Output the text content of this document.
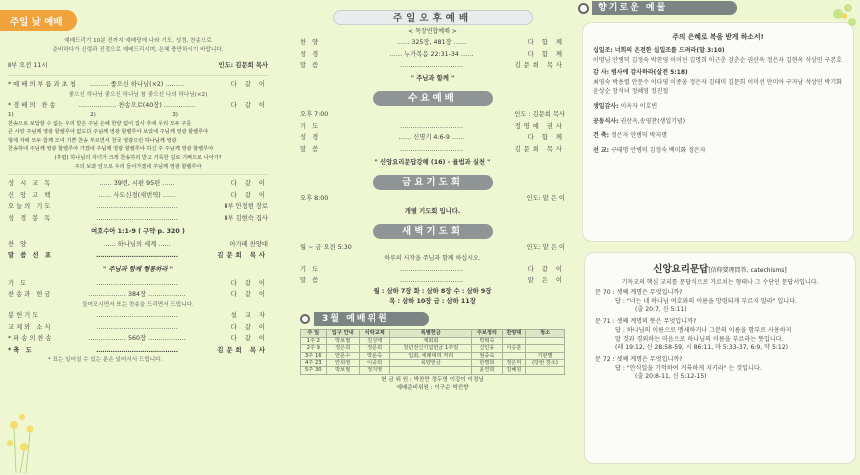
주일 낮 예배
예배드리기 10분 전까지 예배당에 나와 기도, 성경, 찬송으로
준비하다가 신령과 진정으로 예배드리시며, 은혜 충만하시기 바랍니다.
Ⅱ부 오전 11시	인도: 김문희 목사
*예배의부름과초청	……… 좋으신 하나님(×2) ………	다 같 이
좋으신 하나님 좋으신 하나님 참 좋으신 나의 하나님(×2)
*경배의 찬송	……………… 찬송으로(40장) ……………	다 같 이
1)	2)	3)
찬송으로 보답할 수 없는 우리 받은 주님 은혜 한량 없어 집사 후에 우리 모두 주를
큰 사랑 주님께 영광 할렐루야 없도다 주님께 영광 할렐루야 보았네 주님께 영광 할렐루야
형제 자매 모두 함께 모여 기쁜 찬송 부르면서 천국 영광으런 하나님께 영광
찬송하네 주님께 영광 할렐루야 가겠네 주님께 영광 할렐루야 하신 주 주님께 영광 할렐루야
(후렴) 하나님의 자녀가 크게 찬송하리 받고 거룩한 길로 기뻐으로 나아가?
주의 보좌 앞으로 우리 들어가겠네 주님께 영광 할렐루야
성 시 교 독	…… 39번, 시편 95편 ……	다 같 이
신 앙 고 백	…… 사도신경(새번역) ……	다 같 이
오늘의 기도	…………………………………	Ⅱ부 안정현 장로
성 경 봉 독	…………………………………	Ⅱ부 김현숙 집사
여호수아 1:1-9 ( 구약 p. 320 )
찬 양	…… 하나님의 세계 ……	아가페 찬양대
말 씀 선 포	…………………………………	김문희 목사
" 주님과 함께 형통하라 "
기 도	…………………………………	다 같 이
찬송과 헌금	……………… 384장 ………………	다 같 이
들어오시면서 또는 찬송을 드리면서 드립니다.
봉헌기도	…………………………………	설 교 자
교제와 소식	…………………………………	다 같 이
*파송의찬송	……………… 560장 ………………	다 같 이
*축 도	…………………………………	김문희 목사
* 표는 일어설 수 있는 분은 일어서서 드립니다.
주일오후예배
< 목장연합예배 >
찬 양	…… 325장, 481장 ……	다 함 께
성 경	…… 누가복음 22:31-34 ……	다 함 께
말 씀	…………………………	김문희 목사
" 주님과 함께 "
수요예배
오후 7:00	인도 : 김문희 목사
기 도	…………………………	정영애 권사
성 경	…… 신명기 4:6-9 ……	다 함 께
말 씀	…………………………	김문희 목사
" 신앙요리문답강해 (16) - 율법과 실천 "
금요기도회
오후 8:00	인도: 맡 은 이
개별 기도회 입니다.
새벽기도회
월 ~ 금 오전 5:30	인도: 맡 은 이
하루의 시작을 주님과 함께 하십시오.
기 도	…………………………	다 같 이
말 씀	…………………………	맡 은 이
월 : 삼하 7장 화 : 삼하 8장 수 : 삼하 9장
목 : 삼하 10장 금 : 삼하 11장
3월 예배위원
주 일	입구 안내	식탁교제	특별헌금	주보정리	찬양대	청소
1주 2	박보필	김성태	계회회	박혁숙		
2주 9	정은희	정문희	청년전신기념헌금 1주일	신인웅	이승훈	
3주 16	안문수	박운숙	입회, 세례대리 처리	엄중숙		기관별
4주 23	안희영	이중희	목양헌금	한명희	정은미	(당번 장소)
5주 30	박보필	정지영		윤연희	김혜원	
헌 금 위 원 : 박찬만 정두명 이강이 이정님
예배준비위원 : 이구순 박진향
향기로운 예물
주의 은혜로 복을 받게 하소서!
십일조: 너희의 온전한 십일조를 드려라(말 3:10)
이명님 안병덕 김정숙 박찬영 이미선 김명희 이근춘 강춘순 권산옥 정은자 김현옥 석상민 구본호
감 사: 범사에 감사하라(살전 5:18)
최영숙 박용렬 안문수 이다영 이종웅 정은자 김태미 김문희 이미선 안미아 구자남 석상민 박기화 윤상순 장석녀 정혜영 정진철
생일감사: 이옥자 이호빈
공동식사: 권산옥,송영찬(생일기념)
건 축: 정은자 안병덕 박지명
선 교: 구태명 안병덕 김정숙 백미화 정은자
신앙요리문답[信仰要理問答, catechisms]
기독교의 핵심 교리를 문답식으로 가르치는 형태나 그 수단인 문답서입니다.
문 70 : 셋째 계명은 무엇입니까?
답 : "너는 네 하나님 여호와의 이름을 망령되게 부르지 말라" 입니다.
(출 20:7, 신 5:11)
문 71 : 셋째 계명의 뜻은 무엇입니까?
답 : 하나님의 이름으로 맹세하거나 그분의 이름을 함부로 사용하지
말 것과 경외하는 마음으로 하나님의 이름을 부르라는 뜻입니다.
(레 19:12, 신 28:58-59, 시 86:11, 마 5:33-37, 6:9, 약 5:12)
문 72 : 셋째 계명은 무엇입니까?
답 : "안식일을 기억하여 거룩하게 지키라" 는 것입니다.
(출 20:8-11, 신 5:12-15)
